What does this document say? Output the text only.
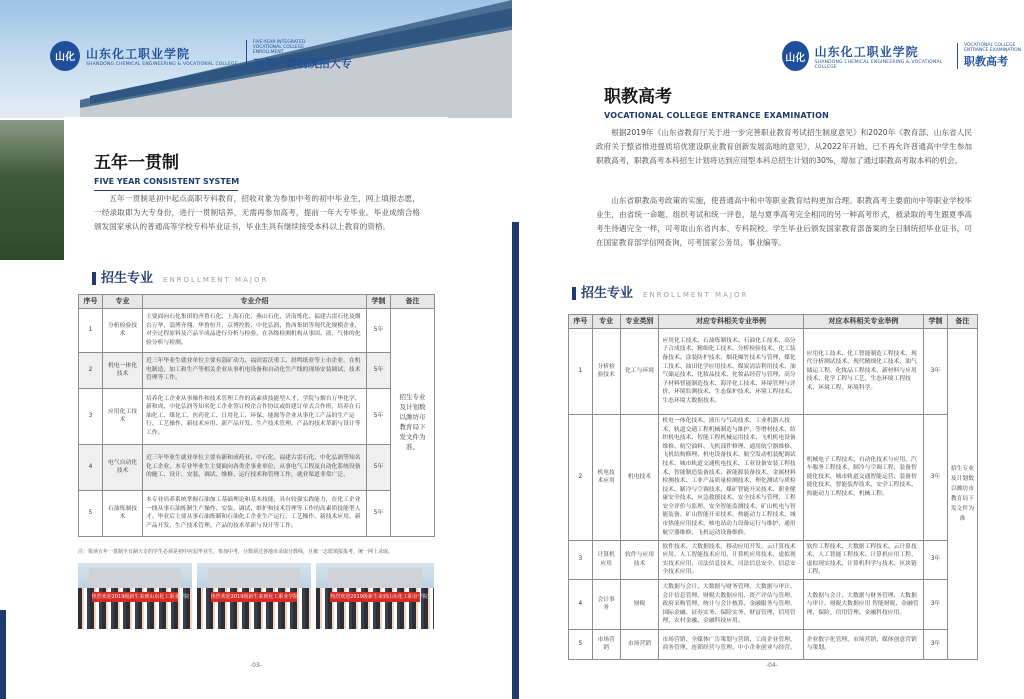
山化 山东化工职业学院
SHANDONG CHEMICAL ENGINEERING & VOCATIONAL COLLEGE
FIVE-YEAR INTEGRATED VOCATIONAL COLLEGE ENROLLMENT
五年一贯制统招大专
五年一贯制
FIVE YEAR CONSISTENT SYSTEM

五年一贯制是初中起点高职专科教育，招收对象为参加中考的初中毕业生，网上填报志愿，一经录取即为大专身份，进行一贯制培养，无需再参加高考，提前一年大专毕业。毕业成绩合格颁发国家承认的普通高等学校专科毕业证书，毕业生具有继续接受本科以上教育的资格。

招生专业 ENROLLMENT MAJOR
序号	专业	专业介绍	学制	备注
1	分析检验技术	主要面向石化集团的齐鲁石化、上海石化、燕山石化、济南炼化、福建古雷石化及烟台万华、淄博齐翔、华鲁恒升、京博控股、中化弘润、鲁西集团等现代化规模企业，对全过程原料及产品半成品进行分析与检验。在各级检测机构从事固、液、气体的化验分析与检测。	5年	招生专业及计划数以潍坊市教育局下发文件为准。
2	机电一体化技术	近三年毕业生就业单位主要有淄矿动力、福田雷沃重工、晨鸣纸业等上市企业，在机电制造、加工和生产等相关企业从事机电设备和自动化生产线的现场安装调试、技术管理等工作。	5年	
3	应用化工技术	培养化工企业从事操作和技术管理工作的高素质技能型人才。学院与烟台万华化学、新和成、中化弘润等知名化工企业签订校企合作协议或组建订单式合作班，培养在石油化工、煤化工、医药化工、日用化工、环保、能源等企业从事化工产品的生产运行、工艺操作、新技术应用、新产品开发、生产技术管理、产品的技术革新与设计等工作。	5年	
4	电气自动化技术	近三年毕业生就业单位主要有新和成药业、中石化、福建古雷石化、中化弘润等知名化工企业，本专业毕业生主要面向各类企事业单位，从事电气工程及自动化系统设备的施工、设计、安装、调试、维修、运行技术和管理工作，就业渠道非常广泛。	5年	
5	石油炼制技术	本专业培养系统掌握石油加工基础理论和基本技能，具有较强实践能力，在化工企业一线从事石油炼制生产操作、安装、调试、维护和技术管理等工作的高素质技能型人才。毕业后主要从事石油炼制和石油化工企业生产运行、工艺操作、新技术应用、新产品开发、生产技术管理、产品的技术革新与设计等工作。	5年	
注：报读五年一贯制全日制大专的学生必须是初中应届毕业生，参加中考，分数须过各地市录取分数线，且被一志愿填报报考，统一网上录取。
热烈欢迎2019级新生来到山东化工职业学院	热烈欢迎2019级新生来到化工职业学院	热烈欢迎2019级新生来到山东化工职业学院
-03-
山化 山东化工职业学院
SHANDONG CHEMICAL ENGINEERING & VOCATIONAL COLLEGE
VOCATIONAL COLLEGE ENTRANCE EXAMINATION
职教高考
职教高考
VOCATIONAL COLLEGE ENTRANCE EXAMINATION

根据2019年《山东省教育厅关于进一步完善职业教育考试招生制度意见》和2020年《教育部、山东省人民政府关于整省推进提质培优建设职业教育创新发展高地的意见》，从2022年开始，已不再允许普通高中学生参加职教高考，职教高考本科招生计划将达到应用型本科总招生计划的30%，增加了通过职教高考取本科的机会。

山东省职教高考政策的实施，使普通高中和中等职业教育结构更加合理。职教高考主要面向中等职业学校毕业生，由省统一命题、组织考试和统一评卷，是与夏季高考完全相同的另一种高考形式，被录取的考生跟夏季高考生待遇完全一样，可考取山东省内本、专科院校。学生毕业后颁发国家教育部备案的全日制统招毕业证书，可在国家教育部学信网查询，可考国家公务员、事业编等。

招生专业 ENROLLMENT MAJOR
序号	专业	专业类别	对应专科相关专业举例	对应本科相关专业举例	学制	备注
1	分析检验技术	化工与环境	应用化工技术、石油炼制技术、石油化工技术、高分子合成技术、精细化工技术、分析检验技术、化工装备技术、涂装防护技术、烟花爆竹技术与管理、煤化工技术、油田化学应用技术、煤炭清洁利用技术、油气储运技术、化妆品技术、化妆品经营与管理、高分子材料智能制造技术、海洋化工技术、环境管理与评价、环境监测技术、生态保护技术、环境工程技术、生态环境大数据技术。	应用化工技术、化工智能制造工程技术、现代分析测试技术、现代精细化工技术、油气储运工程、化妆品工程技术、新材料与应用技术、化学工程与工艺、生态环境工程技术、环境工程、环境科学。	3年	招生专业及计划数以潍坊市教育局下发文件为准
2	机电技术应用	机电技术	机电一体化技术、液压与气动技术、工业机器人技术、轨道交通工程机械制造与维护、等增材技术、纺织机电技术、智能工程机械运用技术、飞机机电设备维修、航空油料、飞机部件修理、通用航空器维修、飞机结构修理、机电设备技术、航空发动机装配调试技术、城市轨道交通机电技术、工业设备安装工程技术、智能制造装备技术、新能源装备技术、金属材料检测技术、工业产品质量检测技术、理化测试与质检技术、制冷与空调技术、煤矿智能开采技术、职业健康安全技术、应急救援技术、安全技术与管理、工程安全评价与监理、安全智能监测技术、矿山机电与智能装备、矿山智能开采技术、热能动力工程技术、城市热能应用技术、核电站动力设备运行与维护、通用航空器维修、飞机运动设备维修。	机械电子工程技术、自动化技术与应用、汽车服务工程技术、制冷与空调工程、装备智能化技术、城市轨道交通智能运营、装备智能化技术、智能装焊技术、安全工程技术、热能动力工程技术、机械工程。	3年	
3	计算机应用	软件与应用技术	软件技术、大数据技术、移动应用开发、云计算技术应用、人工智能技术应用、计算机应用技术、虚拟现实技术应用、司法信息技术、司法信息安全、信息安全技术应用。	软件工程技术、大数据工程技术、云计算技术、人工智能工程技术、计算机应用工程、虚拟现实技术、计算机科学与技术、区块链工程。	3年	
4	会计事务	财税	大数据与会计、大数据与财务管理、大数据与审计、会计信息管理、财税大数据应用、资产评估与管理、政府采购管理、统计与会计核算、金融服务与管理、国际金融、证券实务、保险实务、财富管理、信用管理、农村金融、金融科技应用。	大数据与会计、大数据与财务管理、大数据与审计、财税大数据应用 智能财税、金融管理、保险、信用管理、金融科技应用。	3年	
5	市场营销	市场营销	市场营销、全媒体广告策划与营销、工商企业管理、商务管理、连锁经营与管理、中小企业创业与经营。	企业数字化管理、市场营销、媒体创意营销与策划。	3年	
-04-
